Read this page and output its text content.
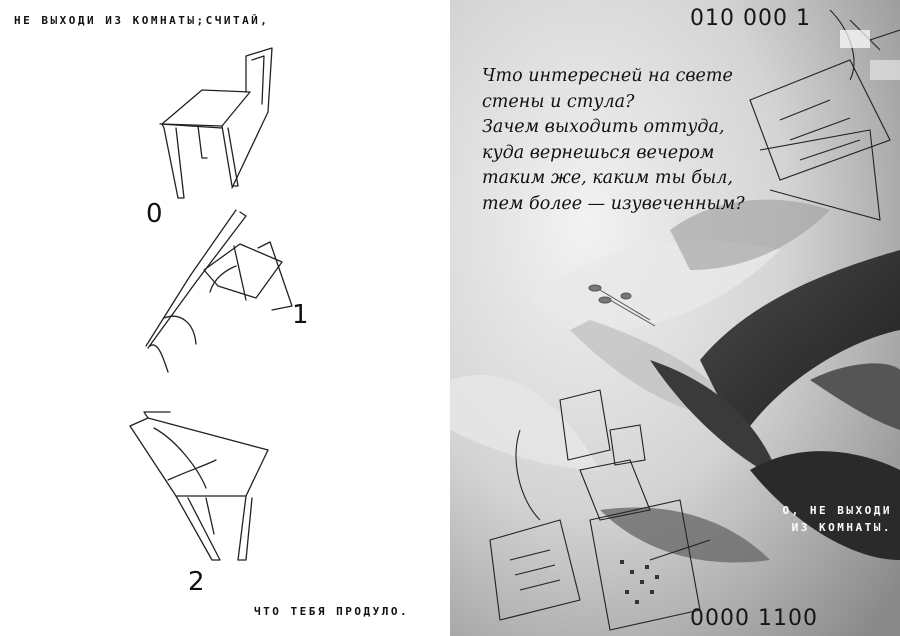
НЕ ВЫХОДИ ИЗ КОМНАТЫ;СЧИТАЙ,
0
1
2
ЧТО ТЕБЯ ПРОДУЛО.
010 000 1
Что интересней на свете
стены и стула?
Зачем выходить оттуда,
куда вернешься вечером
таким же, каким ты был,
тем более — изувеченным?
О, НЕ ВЫХОДИ
ИЗ КОМНАТЫ.
0000 1100
